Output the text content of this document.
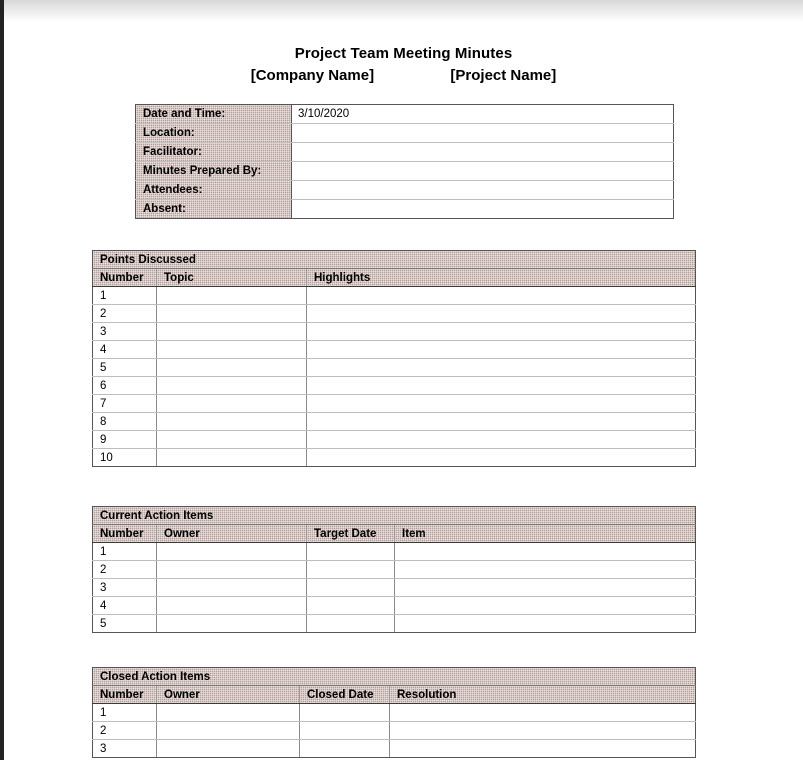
Project Team Meeting Minutes
[Company Name]	[Project Name]
Date and Time:	3/10/2020
Location:	
Facilitator:	
Minutes Prepared By:	
Attendees:	
Absent:	
Points Discussed		
Number	Topic	Highlights
1		
2		
3		
4		
5		
6		
7		
8		
9		
10		
Current Action Items			
Number	Owner	Target Date	Item
1			
2			
3			
4			
5			
Closed Action Items			
Number	Owner	Closed Date	Resolution
1			
2			
3			
